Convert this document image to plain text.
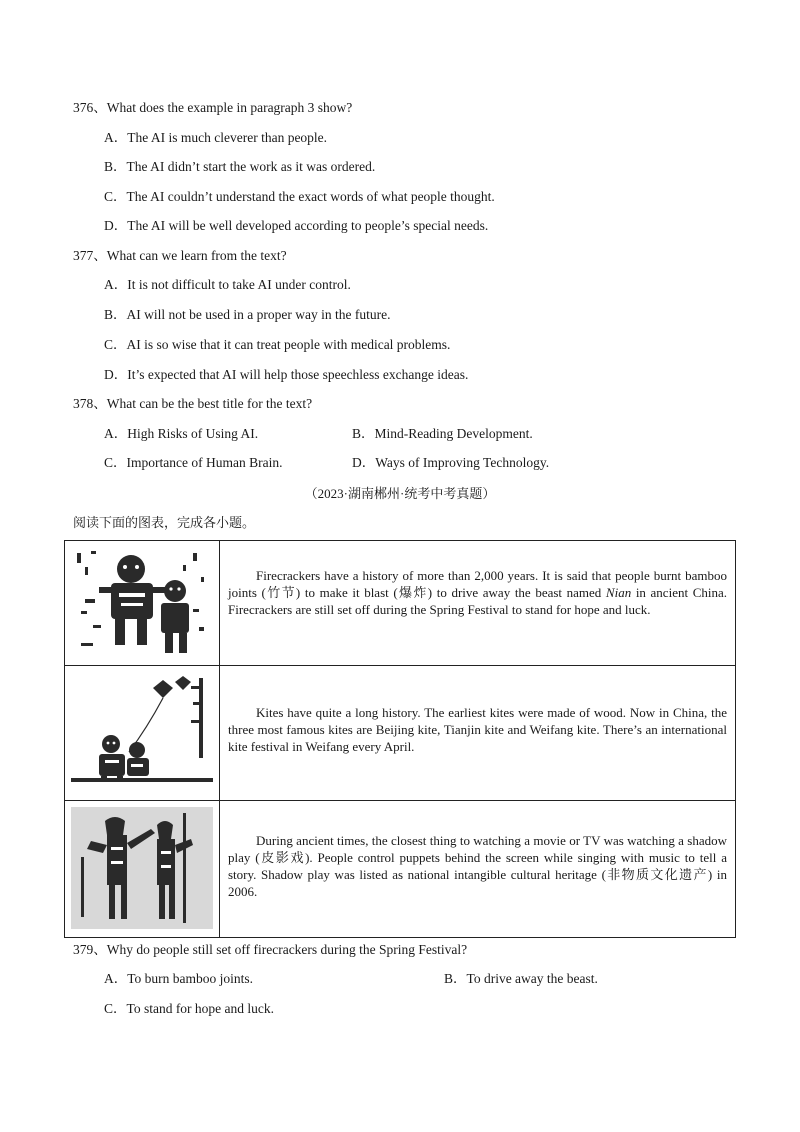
376、What does the example in paragraph 3 show?
A．The AI is much cleverer than people.
B．The AI didn’t start the work as it was ordered.
C．The AI couldn’t understand the exact words of what people thought.
D．The AI will be well developed according to people’s special needs.
377、What can we learn from the text?
A．It is not difficult to take AI under control.
B．AI will not be used in a proper way in the future.
C．AI is so wise that it can treat people with medical problems.
D．It’s expected that AI will help those speechless exchange ideas.
378、What can be the best title for the text?
A．High Risks of Using AI.	B．Mind-Reading Development.
C．Importance of Human Brain.	D．Ways of Improving Technology.
（2023·湖南郴州·统考中考真题）
阅读下面的图表，完成各小题。
Firecrackers have a history of more than 2,000 years. It is said that people burnt bamboo joints (竹节) to make it blast (爆炸) to drive away the beast named Nian in ancient China. Firecrackers are still set off during the Spring Festival to stand for hope and luck.
Kites have quite a long history. The earliest kites were made of wood. Now in China, the three most famous kites are Beijing kite, Tianjin kite and Weifang kite. There’s an international kite festival in Weifang every April.
During ancient times, the closest thing to watching a movie or TV was watching a shadow play (皮影戏). People control puppets behind the screen while singing with music to tell a story. Shadow play was listed as national intangible cultural heritage (非物质文化遗产) in 2006.
379、Why do people still set off firecrackers during the Spring Festival?
A．To burn bamboo joints.	B．To drive away the beast.
C．To stand for hope and luck.
